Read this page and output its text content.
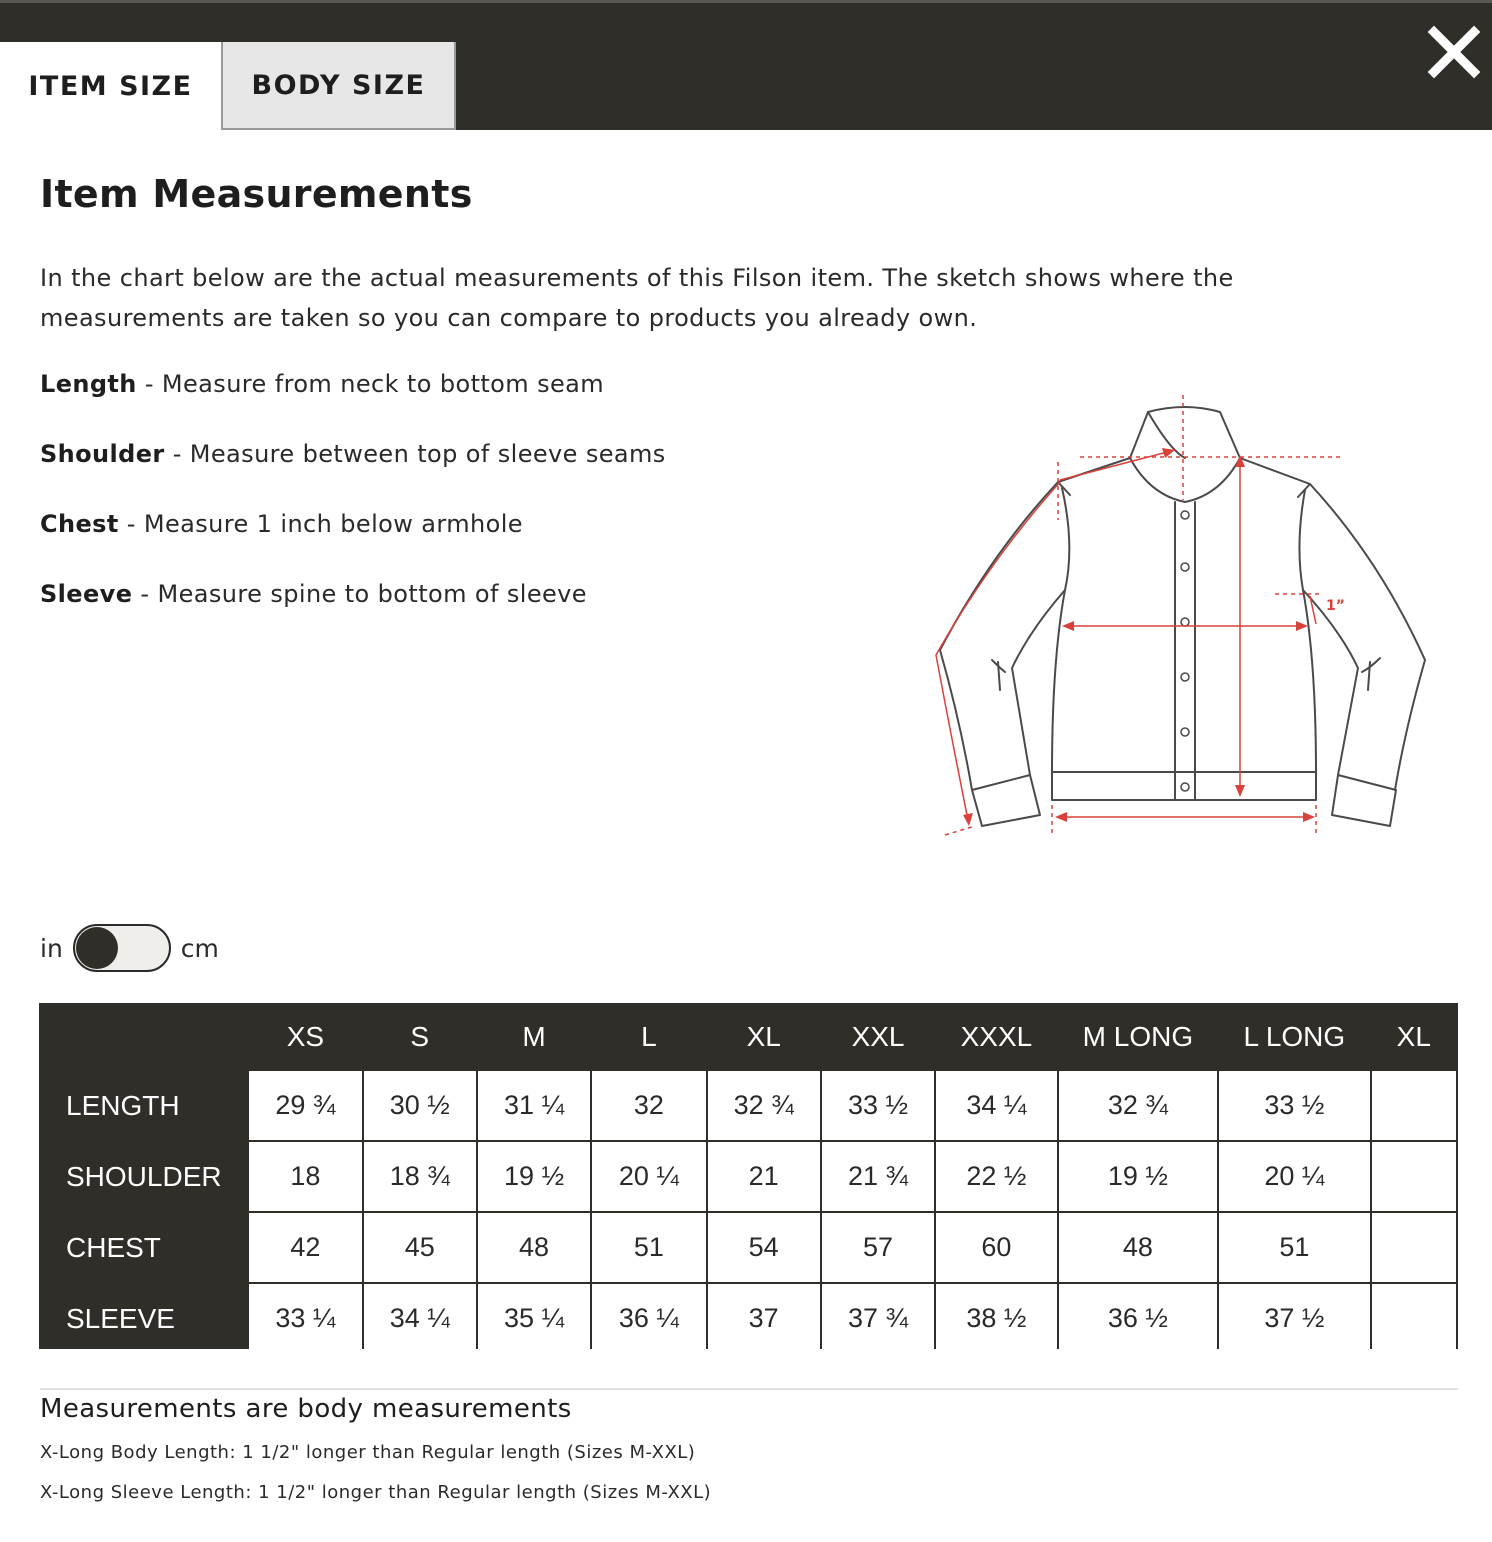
ITEM SIZE	BODY SIZE
Item Measurements

In the chart below are the actual measurements of this Filson item. The sketch shows where the measurements are taken so you can compare to products you already own.

Length - Measure from neck to bottom seam

Shoulder - Measure between top of sleeve seams

Chest - Measure 1 inch below armhole

Sleeve - Measure spine to bottom of sleeve	1”
in	cm
	XS	S	M	L	XL	XXL	XXXL	M LONG	L LONG	XL
LENGTH	29 ¾	30 ½	31 ¼	32	32 ¾	33 ½	34 ¼	32 ¾	33 ½	
SHOULDER	18	18 ¾	19 ½	20 ¼	21	21 ¾	22 ½	19 ½	20 ¼	
CHEST	42	45	48	51	54	57	60	48	51	
SLEEVE	33 ¼	34 ¼	35 ¼	36 ¼	37	37 ¾	38 ½	36 ½	37 ½	

Measurements are body measurements

X-Long Body Length: 1 1/2" longer than Regular length (Sizes M-XXL)

X-Long Sleeve Length: 1 1/2" longer than Regular length (Sizes M-XXL)
